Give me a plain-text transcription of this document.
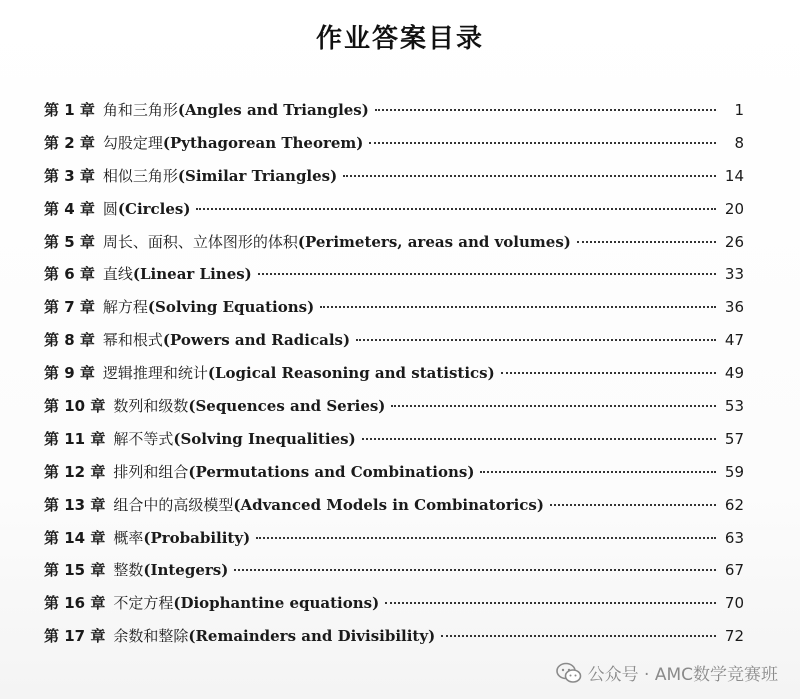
作业答案目录
第 1 章 角和三角形(Angles and Triangles)	1
第 2 章 勾股定理(Pythagorean Theorem)	8
第 3 章 相似三角形(Similar Triangles)	14
第 4 章 圆(Circles)	20
第 5 章 周长、面积、立体图形的体积(Perimeters, areas and volumes)	26
第 6 章 直线(Linear Lines)	33
第 7 章 解方程(Solving Equations)	36
第 8 章 幂和根式(Powers and Radicals)	47
第 9 章 逻辑推理和统计(Logical Reasoning and statistics)	49
第 10 章 数列和级数(Sequences and Series)	53
第 11 章 解不等式(Solving Inequalities)	57
第 12 章 排列和组合(Permutations and Combinations)	59
第 13 章 组合中的高级模型(Advanced Models in Combinatorics)	62
第 14 章 概率(Probability)	63
第 15 章 整数(Integers)	67
第 16 章 不定方程(Diophantine equations)	70
第 17 章 余数和整除(Remainders and Divisibility)	72
公众号 · AMC数学竞赛班
